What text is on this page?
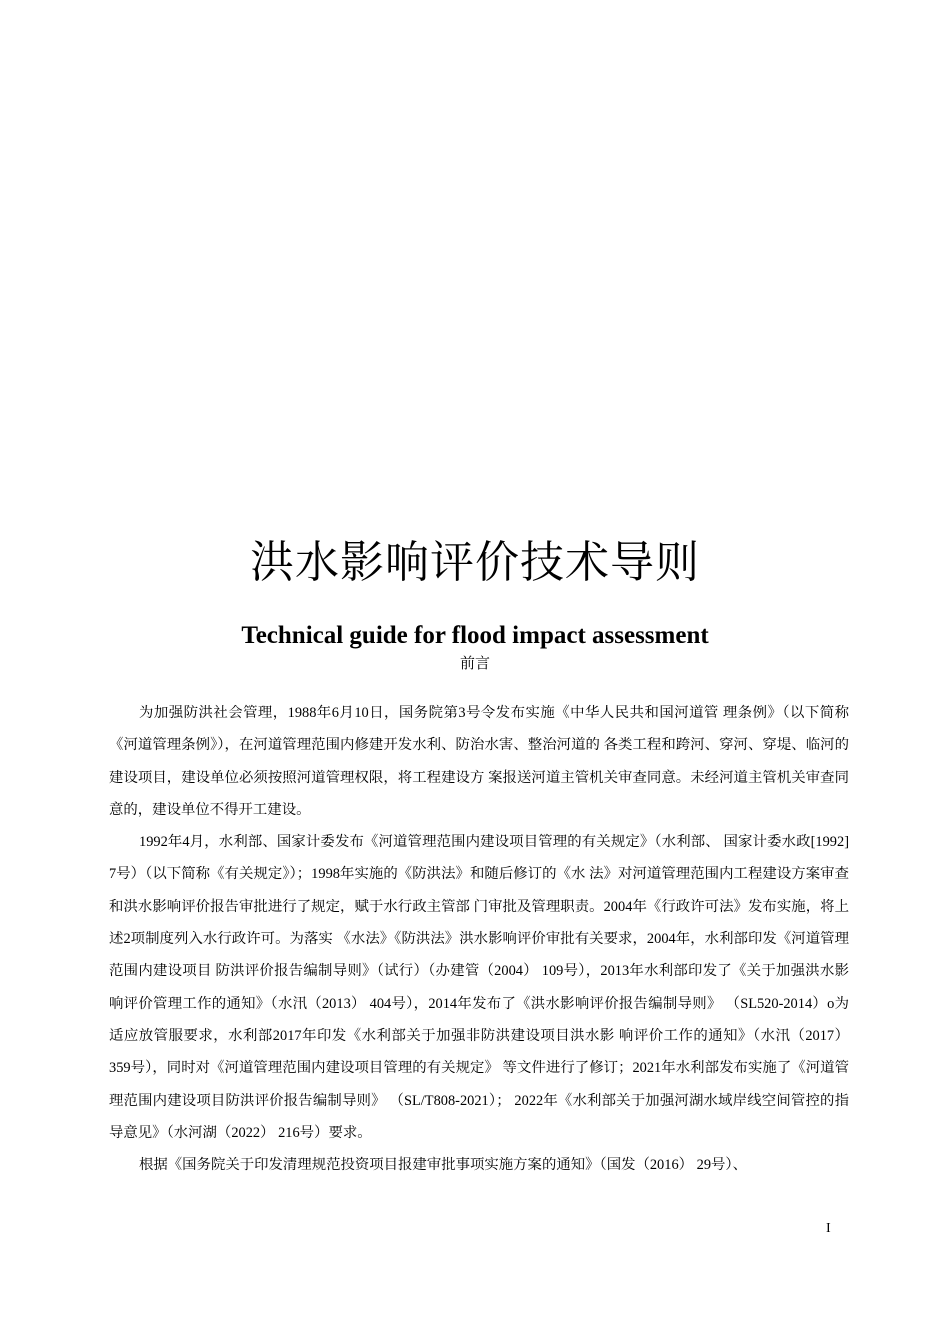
洪水影响评价技术导则
Technical guide for flood impact assessment
前言

为加强防洪社会管理，1988年6月10日，国务院第3号令发布实施《中华人民共和国河道管 理条例》（以下简称《河道管理条例》），在河道管理范围内修建开发水利、防治水害、整治河道的 各类工程和跨河、穿河、穿堤、临河的建设项目，建设单位必须按照河道管理权限，将工程建设方 案报送河道主管机关审查同意。未经河道主管机关审查同意的，建设单位不得开工建设。

1992年4月，水利部、国家计委发布《河道管理范围内建设项目管理的有关规定》（水利部、 国家计委水政[1992] 7号）（以下简称《有关规定》）；1998年实施的《防洪法》和随后修订的《水 法》对河道管理范围内工程建设方案审查和洪水影响评价报告审批进行了规定，赋于水行政主管部 门审批及管理职责。2004年《行政许可法》发布实施，将上述2项制度列入水行政许可。为落实 《水法》《防洪法》洪水影响评价审批有关要求，2004年，水利部印发《河道管理范围内建设项目 防洪评价报告编制导则》（试行）（办建管（2004） 109号），2013年水利部印发了《关于加强洪水影 响评价管理工作的通知》（水汛（2013） 404号），2014年发布了《洪水影响评价报告编制导则》 （SL520-2014）o为适应放管服要求，水利部2017年印发《水利部关于加强非防洪建设项目洪水影 响评价工作的通知》（水汛（2017） 359号），同时对《河道管理范围内建设项目管理的有关规定》 等文件进行了修订；2021年水利部发布实施了《河道管理范围内建设项目防洪评价报告编制导则》 （SL/T808-2021）； 2022年《水利部关于加强河湖水域岸线空间管控的指导意见》（水河湖（2022） 216号）要求。

根据《国务院关于印发清理规范投资项目报建审批事项实施方案的通知》（国发（2016） 29号）、

I
